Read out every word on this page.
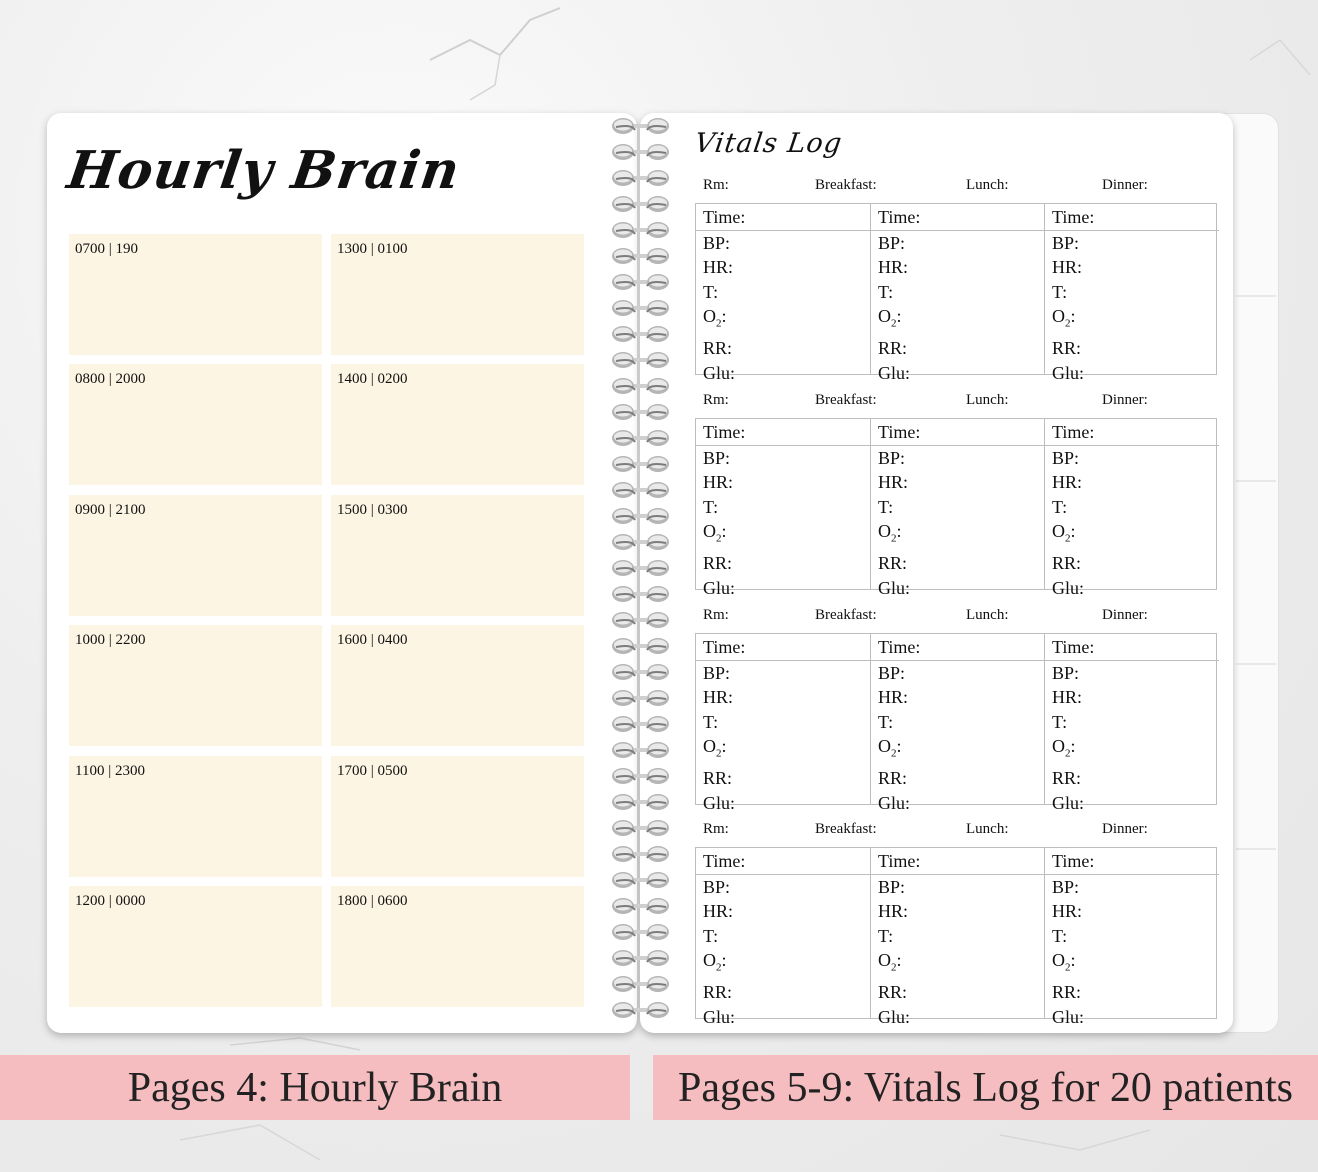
Hourly Brain	Vitals Log
0700 | 190	1300 | 0100
0800 | 2000	1400 | 0200
0900 | 2100	1500 | 0300
1000 | 2200	1600 | 0400
1100 | 2300	1700 | 0500
1200 | 0000	1800 | 0600
Rm:	Breakfast:	Lunch:	Dinner:
Time:
BP:
HR:
T:
$O_2$:
RR:
Glu:
Time:
BP:
HR:
T:
$O_2$:
RR:
Glu:
Time:
BP:
HR:
T:
$O_2$:
RR:
Glu:
Rm:	Breakfast:	Lunch:	Dinner:
Time:
BP:
HR:
T:
$O_2$:
RR:
Glu:
Time:
BP:
HR:
T:
$O_2$:
RR:
Glu:
Time:
BP:
HR:
T:
$O_2$:
RR:
Glu:
Rm:	Breakfast:	Lunch:	Dinner:
Time:
BP:
HR:
T:
$O_2$:
RR:
Glu:
Time:
BP:
HR:
T:
$O_2$:
RR:
Glu:
Time:
BP:
HR:
T:
$O_2$:
RR:
Glu:
Rm:	Breakfast:	Lunch:	Dinner:
Time:
BP:
HR:
T:
$O_2$:
RR:
Glu:
Time:
BP:
HR:
T:
$O_2$:
RR:
Glu:
Time:
BP:
HR:
T:
$O_2$:
RR:
Glu:
Pages 4: Hourly Brain	Pages 5-9: Vitals Log for 20 patients
